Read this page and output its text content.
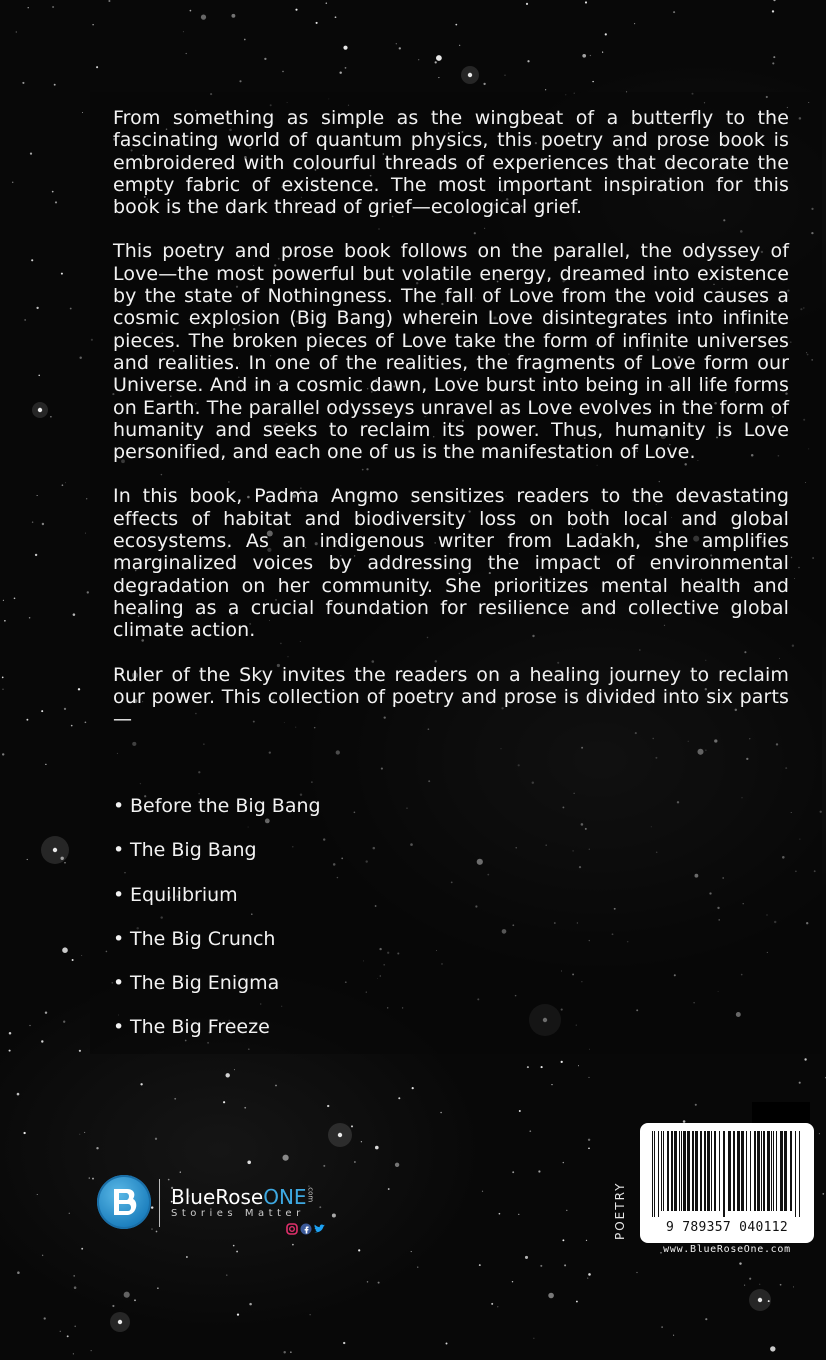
From something as simple as the wingbeat of a butterfly to the fascinating world of quantum physics, this poetry and prose book is embroidered with colourful threads of experiences that decorate the empty fabric of existence. The most important inspiration for this book is the dark thread of grief—ecological grief.

This poetry and prose book follows on the parallel, the odyssey of Love—the most powerful but volatile energy, dreamed into existence by the state of Nothingness. The fall of Love from the void causes a cosmic explosion (Big Bang) wherein Love disintegrates into infinite pieces. The broken pieces of Love take the form of infinite universes and realities. In one of the realities, the fragments of Love form our Universe. And in a cosmic dawn, Love burst into being in all life forms on Earth. The parallel odysseys unravel as Love evolves in the form of humanity and seeks to reclaim its power. Thus, humanity is Love personified, and each one of us is the manifestation of Love.

In this book, Padma Angmo sensitizes readers to the devastating effects of habitat and biodiversity loss on both local and global ecosystems. As an indigenous writer from Ladakh, she amplifies marginalized voices by addressing the impact of environmental degradation on her community. She prioritizes mental health and healing as a crucial foundation for resilience and collective global climate action.

Ruler of the Sky invites the readers on a healing journey to reclaim our power. This collection of poetry and prose is divided into six parts—

• Before the Big Bang
• The Big Bang
• Equilibrium
• The Big Crunch
• The Big Enigma
• The Big Freeze
BlueRoseONE.com
Stories Matter	POETRY	9 789357 040112
www.BlueRoseOne.com
